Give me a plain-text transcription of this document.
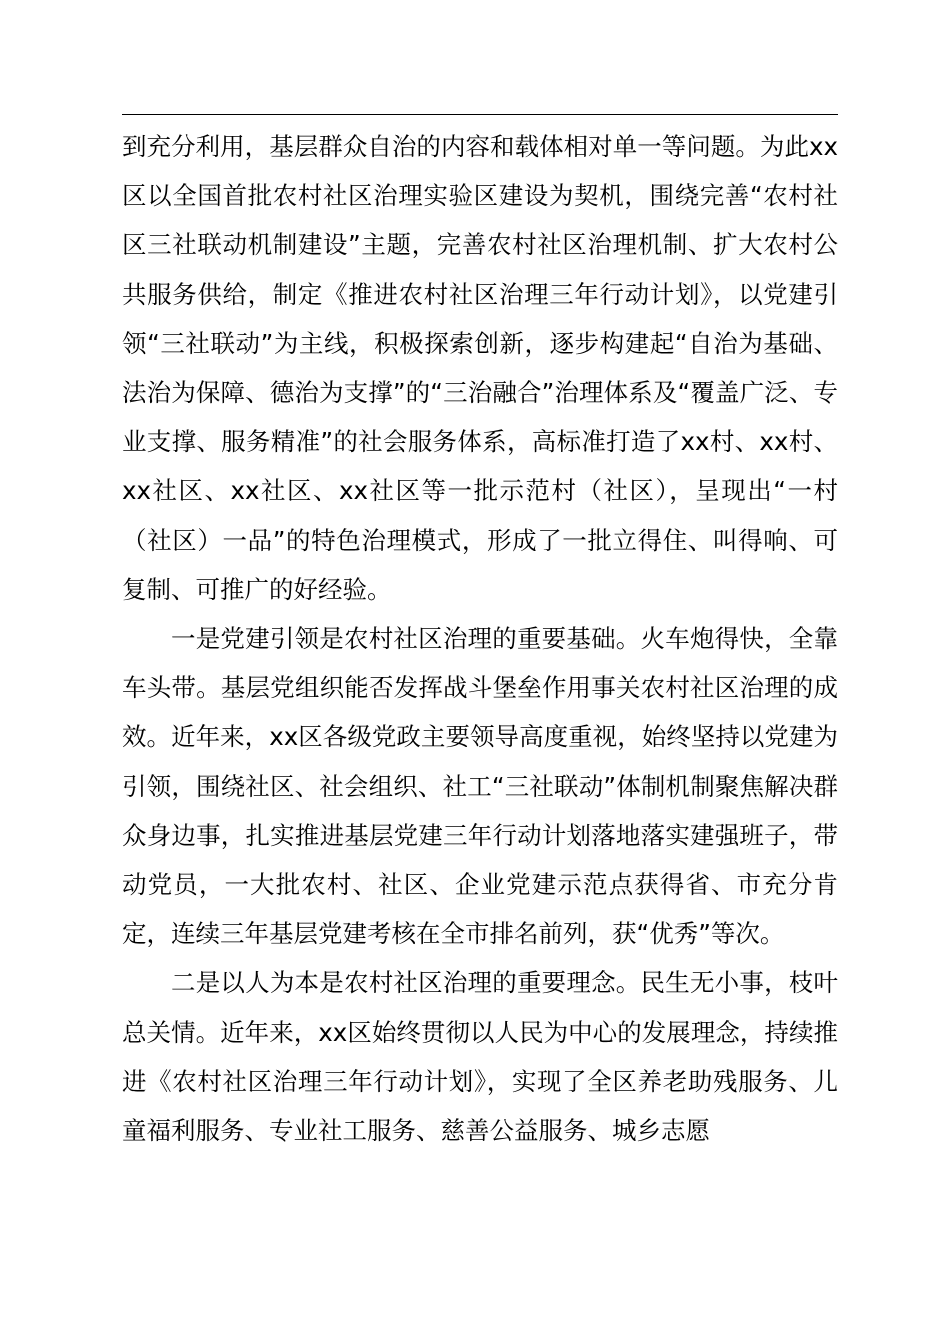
到充分利用，基层群众自治的内容和载体相对单一等问题。为此xx区以全国首批农村社区治理实验区建设为契机，围绕完善“农村社区三社联动机制建设”主题，完善农村社区治理机制、扩大农村公共服务供给，制定《推进农村社区治理三年行动计划》，以党建引领“三社联动”为主线，积极探索创新，逐步构建起“自治为基础、法治为保障、德治为支撑”的“三治融合”治理体系及“覆盖广泛、专业支撑、服务精准”的社会服务体系，高标准打造了xx村、xx村、xx社区、xx社区、xx社区等一批示范村（社区），呈现出“一村（社区）一品”的特色治理模式，形成了一批立得住、叫得响、可复制、可推广的好经验。

一是党建引领是农村社区治理的重要基础。火车炮得快，全靠车头带。基层党组织能否发挥战斗堡垒作用事关农村社区治理的成效。近年来，xx区各级党政主要领导高度重视，始终坚持以党建为引领，围绕社区、社会组织、社工“三社联动”体制机制聚焦解决群众身边事，扎实推进基层党建三年行动计划落地落实建强班子，带动党员，一大批农村、社区、企业党建示范点获得省、市充分肯定，连续三年基层党建考核在全市排名前列，获“优秀”等次。

二是以人为本是农村社区治理的重要理念。民生无小事，枝叶总关情。近年来，xx区始终贯彻以人民为中心的发展理念，持续推进《农村社区治理三年行动计划》，实现了全区养老助残服务、儿童福利服务、专业社工服务、慈善公益服务、城乡志愿
